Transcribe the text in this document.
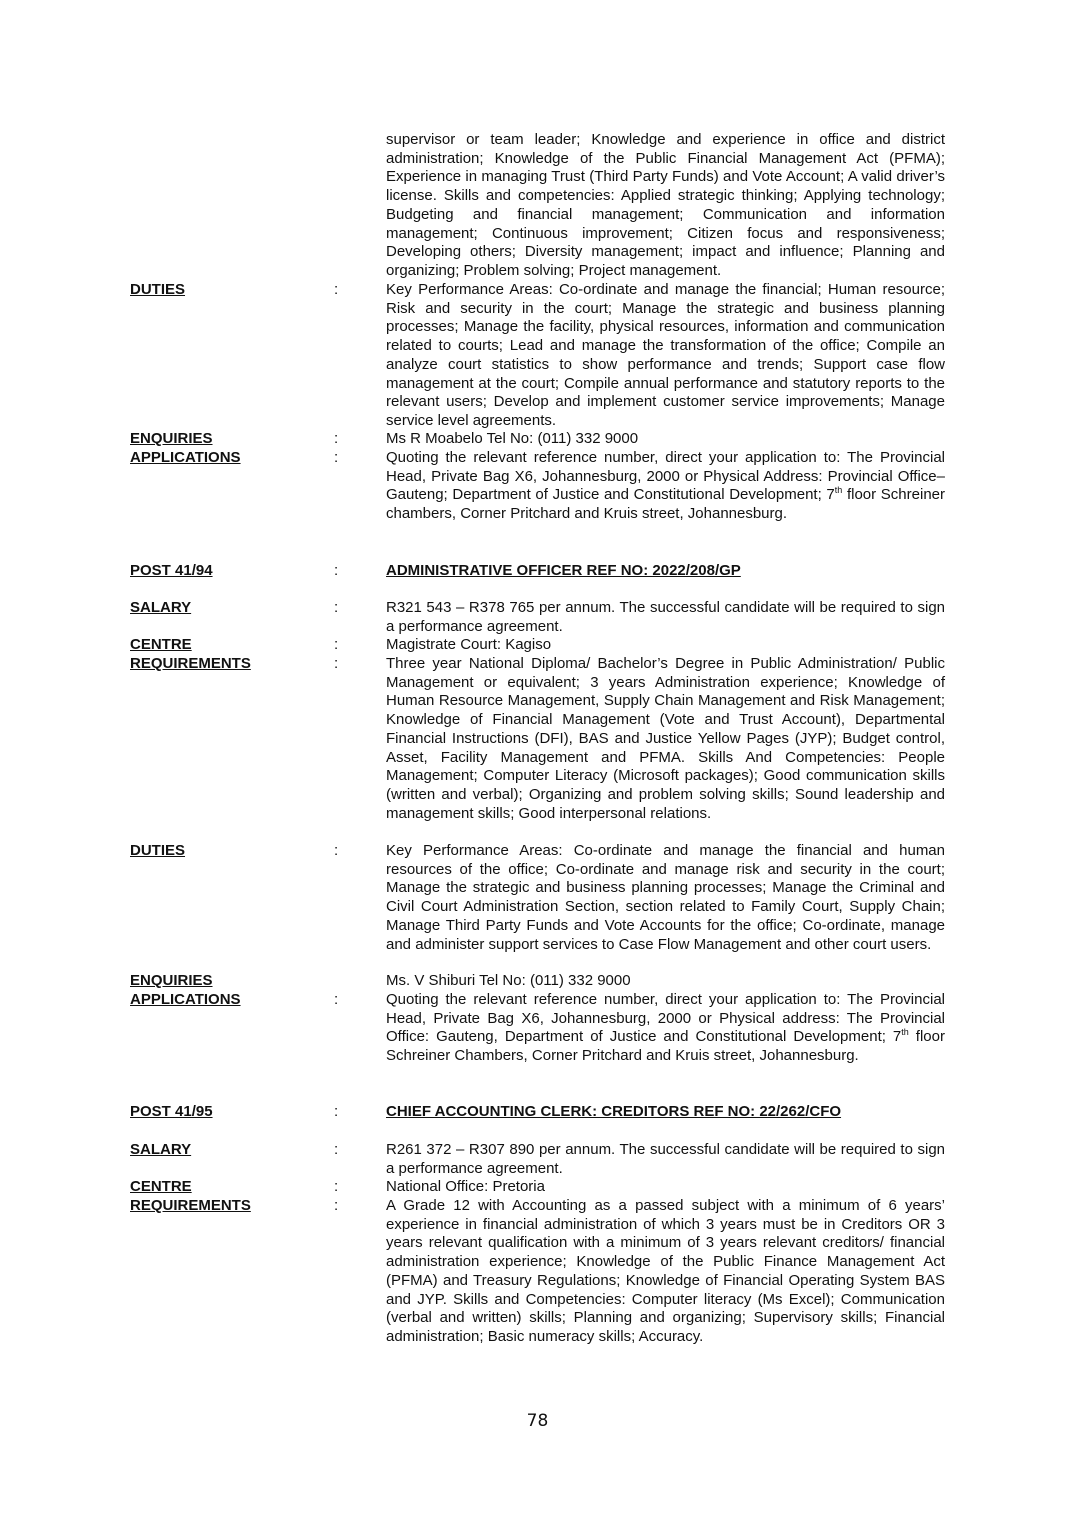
supervisor or team leader; Knowledge and experience in office and district administration; Knowledge of the Public Financial Management Act (PFMA); Experience in managing Trust (Third Party Funds) and Vote Account; A valid driver’s license. Skills and competencies: Applied strategic thinking; Applying technology; Budgeting and financial management; Communication and information management; Continuous improvement; Citizen focus and responsiveness; Developing others; Diversity management; impact and influence; Planning and organizing; Problem solving; Project management.
DUTIES	:	Key Performance Areas: Co-ordinate and manage the financial; Human resource; Risk and security in the court; Manage the strategic and business planning processes; Manage the facility, physical resources, information and communication related to courts; Lead and manage the transformation of the office; Compile an analyze court statistics to show performance and trends; Support case flow management at the court; Compile annual performance and statutory reports to the relevant users; Develop and implement customer service improvements; Manage service level agreements.
ENQUIRIES	:	Ms R Moabelo Tel No: (011) 332 9000
APPLICATIONS	:	Quoting the relevant reference number, direct your application to: The Provincial Head, Private Bag X6, Johannesburg, 2000 or Physical Address: Provincial Office–Gauteng; Department of Justice and Constitutional Development; 7th floor Schreiner chambers, Corner Pritchard and Kruis street, Johannesburg.
POST 41/94	:	ADMINISTRATIVE OFFICER REF NO: 2022/208/GP
SALARY	:	R321 543 – R378 765 per annum. The successful candidate will be required to sign a performance agreement.
CENTRE	:	Magistrate Court: Kagiso
REQUIREMENTS	:	Three year National Diploma/ Bachelor’s Degree in Public Administration/ Public Management or equivalent; 3 years Administration experience; Knowledge of Human Resource Management, Supply Chain Management and Risk Management; Knowledge of Financial Management (Vote and Trust Account), Departmental Financial Instructions (DFI), BAS and Justice Yellow Pages (JYP); Budget control, Asset, Facility Management and PFMA. Skills And Competencies: People Management; Computer Literacy (Microsoft packages); Good communication skills (written and verbal); Organizing and problem solving skills; Sound leadership and management skills; Good interpersonal relations.
DUTIES	:	Key Performance Areas: Co-ordinate and manage the financial and human resources of the office; Co-ordinate and manage risk and security in the court; Manage the strategic and business planning processes; Manage the Criminal and Civil Court Administration Section, section related to Family Court, Supply Chain; Manage Third Party Funds and Vote Accounts for the office; Co-ordinate, manage and administer support services to Case Flow Management and other court users.
ENQUIRIES	Ms. V Shiburi Tel No: (011) 332 9000
APPLICATIONS	:	Quoting the relevant reference number, direct your application to: The Provincial Head, Private Bag X6, Johannesburg, 2000 or Physical address: The Provincial Office: Gauteng, Department of Justice and Constitutional Development; 7th floor Schreiner Chambers, Corner Pritchard and Kruis street, Johannesburg.
POST 41/95	:	CHIEF ACCOUNTING CLERK: CREDITORS REF NO: 22/262/CFO
SALARY	:	R261 372 – R307 890 per annum. The successful candidate will be required to sign a performance agreement.
CENTRE	:	National Office: Pretoria
REQUIREMENTS	:	A Grade 12 with Accounting as a passed subject with a minimum of 6 years’ experience in financial administration of which 3 years must be in Creditors OR 3 years relevant qualification with a minimum of 3 years relevant creditors/ financial administration experience; Knowledge of the Public Finance Management Act (PFMA) and Treasury Regulations; Knowledge of Financial Operating System BAS and JYP. Skills and Competencies: Computer literacy (Ms Excel); Communication (verbal and written) skills; Planning and organizing; Supervisory skills; Financial administration; Basic numeracy skills; Accuracy.
78
